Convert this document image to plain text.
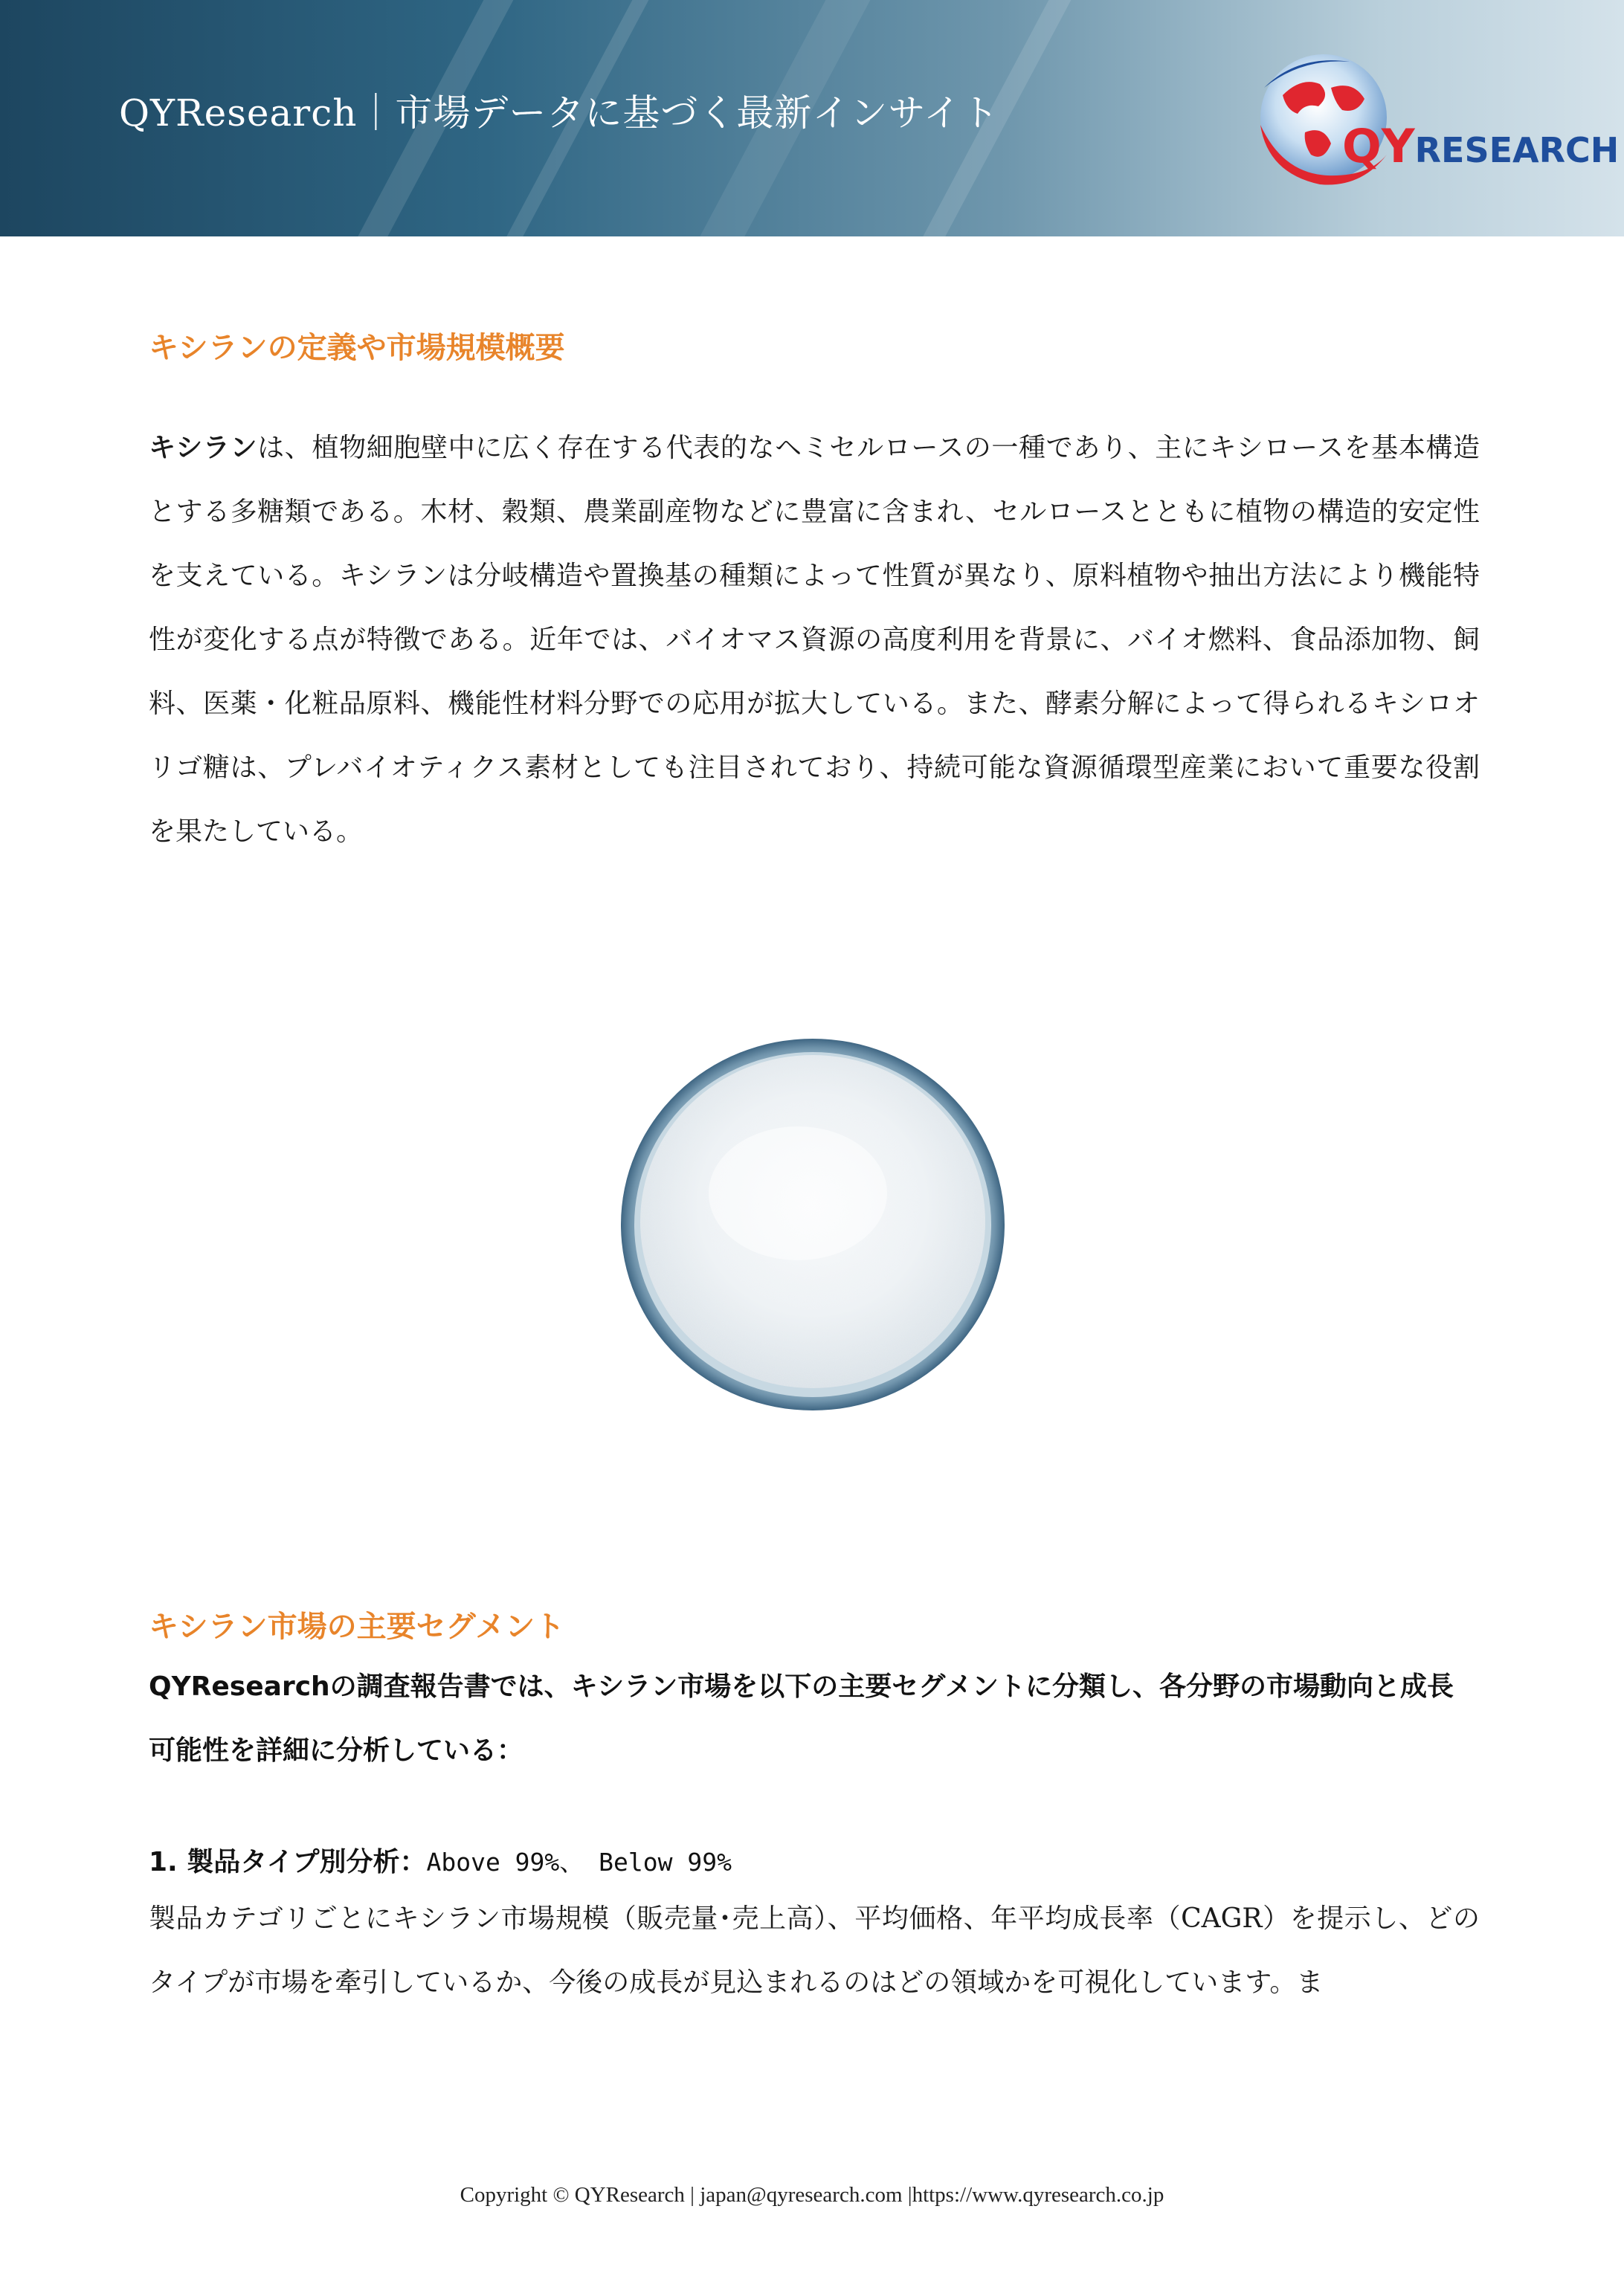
QYResearch｜市場データに基づく最新インサイト
QYRESEARCH
キシランの定義や市場規模概要
キシランは、植物細胞壁中に広く存在する代表的なヘミセルロースの一種であり、主にキシロースを基本構造とする多糖類である。木材、穀類、農業副産物などに豊富に含まれ、セルロースとともに植物の構造的安定性を支えている。キシランは分岐構造や置換基の種類によって性質が異なり、原料植物や抽出方法により機能特性が変化する点が特徴である。近年では、バイオマス資源の高度利用を背景に、バイオ燃料、食品添加物、飼料、医薬・化粧品原料、機能性材料分野での応用が拡大している。また、酵素分解によって得られるキシロオリゴ糖は、プレバイオティクス素材としても注目されており、持続可能な資源循環型産業において重要な役割を果たしている。
キシラン市場の主要セグメント
QYResearchの調査報告書では、キシラン市場を以下の主要セグメントに分類し、各分野の市場動向と成長可能性を詳細に分析している：
1. 製品タイプ別分析：Above 99%、 Below 99%
製品カテゴリごとにキシラン市場規模（販売量･売上高）、平均価格、年平均成長率（CAGR）を提示し、どのタイプが市場を牽引しているか、今後の成長が見込まれるのはどの領域かを可視化しています。ま
Copyright © QYResearch | japan@qyresearch.com |https://www.qyresearch.co.jp
